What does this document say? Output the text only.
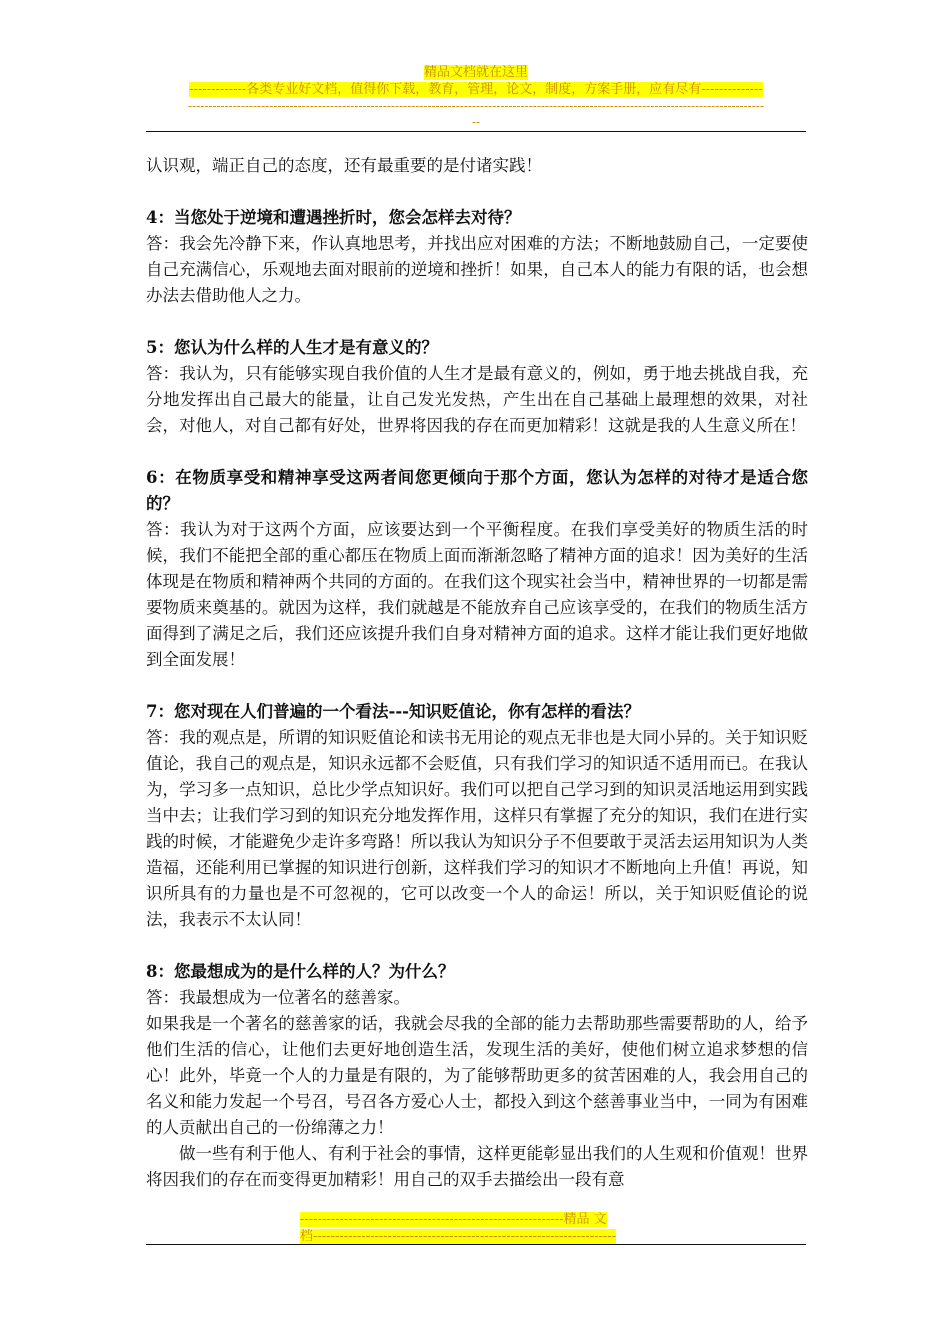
精品文档就在这里
-------------各类专业好文档，值得你下载，教育，管理，论文，制度，方案手册，应有尽有--------------
----------------------------------------------------------------------------------------------------------------------------------------------
--

认识观，端正自己的态度，还有最重要的是付诸实践！

4：当您处于逆境和遭遇挫折时，您会怎样去对待？

答：我会先冷静下来，作认真地思考，并找出应对困难的方法；不断地鼓励自己，一定要使自己充满信心，乐观地去面对眼前的逆境和挫折！如果，自己本人的能力有限的话，也会想办法去借助他人之力。

5：您认为什么样的人生才是有意义的？

答：我认为，只有能够实现自我价值的人生才是最有意义的，例如，勇于地去挑战自我，充分地发挥出自己最大的能量，让自己发光发热，产生出在自己基础上最理想的效果，对社会，对他人，对自己都有好处，世界将因我的存在而更加精彩！这就是我的人生意义所在！

6：在物质享受和精神享受这两者间您更倾向于那个方面，您认为怎样的对待才是适合您的？

答：我认为对于这两个方面，应该要达到一个平衡程度。在我们享受美好的物质生活的时候，我们不能把全部的重心都压在物质上面而渐渐忽略了精神方面的追求！因为美好的生活体现是在物质和精神两个共同的方面的。在我们这个现实社会当中，精神世界的一切都是需要物质来奠基的。就因为这样，我们就越是不能放弃自己应该享受的，在我们的物质生活方面得到了满足之后，我们还应该提升我们自身对精神方面的追求。这样才能让我们更好地做到全面发展！

7：您对现在人们普遍的一个看法---知识贬值论，你有怎样的看法？

答：我的观点是，所谓的知识贬值论和读书无用论的观点无非也是大同小异的。关于知识贬值论，我自己的观点是，知识永远都不会贬值，只有我们学习的知识适不适用而已。在我认为，学习多一点知识，总比少学点知识好。我们可以把自己学习到的知识灵活地运用到实践当中去；让我们学习到的知识充分地发挥作用，这样只有掌握了充分的知识，我们在进行实践的时候，才能避免少走许多弯路！所以我认为知识分子不但要敢于灵活去运用知识为人类造福，还能利用已掌握的知识进行创新，这样我们学习的知识才不断地向上升值！再说，知识所具有的力量也是不可忽视的，它可以改变一个人的命运！所以，关于知识贬值论的说法，我表示不太认同！

8：您最想成为的是什么样的人？为什么？

答：我最想成为一位著名的慈善家。

如果我是一个著名的慈善家的话，我就会尽我的全部的能力去帮助那些需要帮助的人，给予他们生活的信心，让他们去更好地创造生活，发现生活的美好，使他们树立追求梦想的信心！此外，毕竟一个人的力量是有限的，为了能够帮助更多的贫苦困难的人，我会用自己的名义和能力发起一个号召，号召各方爱心人士，都投入到这个慈善事业当中，一同为有困难的人贡献出自己的一份绵薄之力！

做一些有利于他人、有利于社会的事情，这样更能彰显出我们的人生观和价值观！世界将因我们的存在而变得更加精彩！用自己的双手去描绘出一段有意

------------------------------------------------------------精品 文
档---------------------------------------------------------------------
